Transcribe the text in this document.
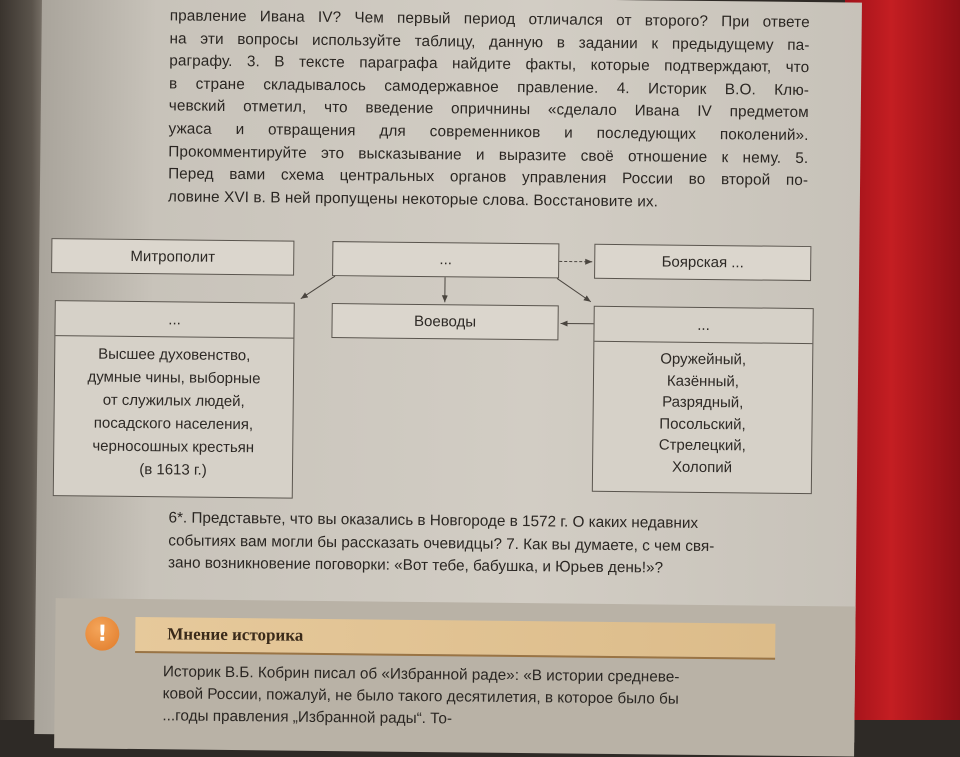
правление Ивана IV? Чем первый период отличался от второго? При ответе
на эти вопросы используйте таблицу, данную в задании к предыдущему па-
раграфу. 3. В тексте параграфа найдите факты, которые подтверждают, что
в стране складывалось самодержавное правление. 4. Историк В.О. Клю-
чевский отметил, что введение опричнины «сделало Ивана IV предметом
ужаса и отвращения для современников и последующих поколений».
Прокомментируйте это высказывание и выразите своё отношение к нему. 5.
Перед вами схема центральных органов управления России во второй по-
ловине XVI в. В ней пропущены некоторые слова. Восстановите их.
Митрополит	...	Боярская ...
Воеводы
...
Высшее духовенство,
думные чины, выборные
от служилых людей,
посадского населения,
черносошных крестьян
(в 1613 г.)
...
Оружейный,
Казённый,
Разрядный,
Посольский,
Стрелецкий,
Холопий
6*. Представьте, что вы оказались в Новгороде в 1572 г. О каких недавних
событиях вам могли бы рассказать очевидцы? 7. Как вы думаете, с чем свя-
зано возникновение поговорки: «Вот тебе, бабушка, и Юрьев день!»?
!	Мнение историка
Историк В.Б. Кобрин писал об «Избранной раде»: «В истории средневе-
ковой России, пожалуй, не было такого десятилетия, в которое было бы
...годы правления „Избранной рады“. То-
